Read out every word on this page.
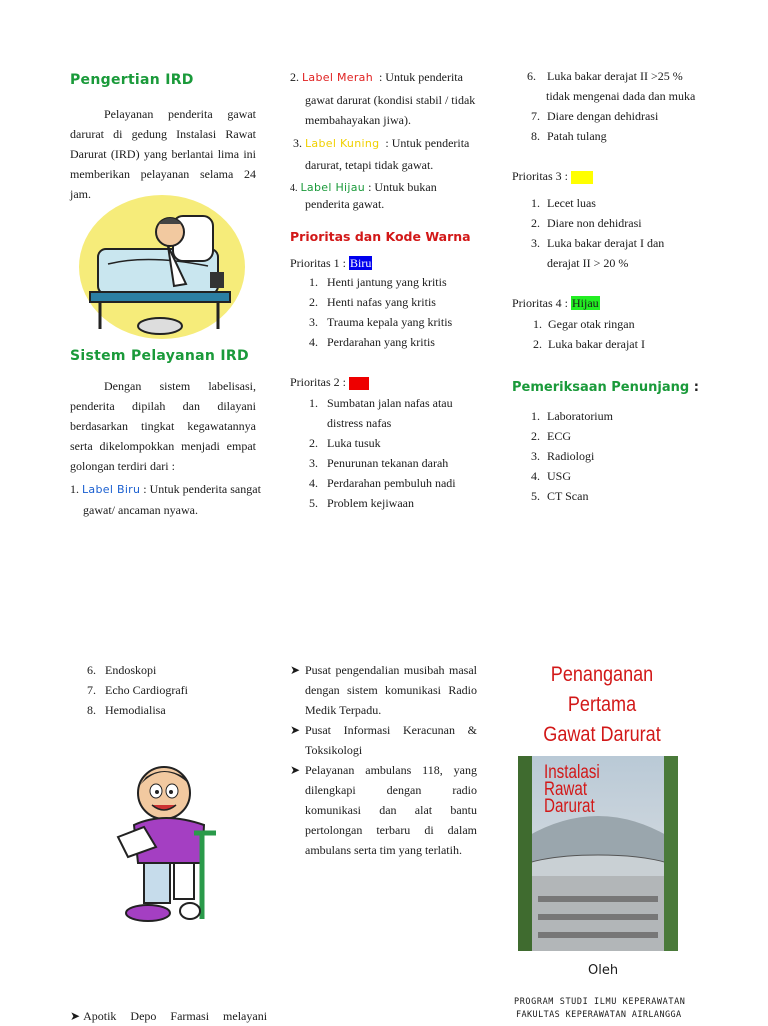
Pengertian IRD

Pelayanan penderita gawat darurat di gedung Instalasi Rawat Darurat (IRD) yang berlantai lima ini memberikan pelayanan selama 24 jam.

Sistem Pelayanan IRD

Dengan sistem labelisasi, penderita dipilah dan dilayani berdasarkan tingkat kegawatannya serta dikelompokkan menjadi empat golongan terdiri dari :

1. Label Biru : Untuk penderita sangat
gawat/ ancaman nyawa.
2. Label Merah : Untuk penderita
gawat darurat (kondisi stabil / tidak
membahayakan jiwa).
3. Label Kuning : Untuk penderita
darurat, tetapi tidak gawat.
4. Label Hijau : Untuk bukan
penderita gawat.
Prioritas dan Kode Warna
Prioritas 1 : Biru
1. Henti jantung yang kritis
2. Henti nafas yang kritis
3. Trauma kepala yang kritis
4. Perdarahan yang kritis
Prioritas 2 :
1. Sumbatan jalan nafas atau
distress nafas
2. Luka tusuk
3. Penurunan tekanan darah
4. Perdarahan pembuluh nadi
5. Problem kejiwaan
6. Luka bakar derajat II >25 %
tidak mengenai dada dan muka
7. Diare dengan dehidrasi
8. Patah tulang
Prioritas 3 :
1. Lecet luas
2. Diare non dehidrasi
3. Luka bakar derajat I dan
derajat II > 20 %
Prioritas 4 : Hijau
1. Gegar otak ringan
2. Luka bakar derajat I
Pemeriksaan Penunjang :
1. Laboratorium
2. ECG
3. Radiologi
4. USG
5. CT Scan
6. Endoskopi
7. Echo Cardiografi
8. Hemodialisa
➤ Apotik Depo Farmasi melayani
➤ Pusat pengendalian musibah masal dengan sistem komunikasi Radio Medik Terpadu.

➤ Pusat Informasi Keracunan & Toksikologi

➤ Pelayanan ambulans 118, yang dilengkapi dengan radio komunikasi dan alat bantu pertolongan terbaru di dalam ambulans serta tim yang terlatih.

Penanganan Pertama
Gawat Darurat
Instalasi
Rawat
Darurat
Oleh
PROGRAM STUDI ILMU KEPERAWATAN
FAKULTAS KEPERAWATAN AIRLANGGA
